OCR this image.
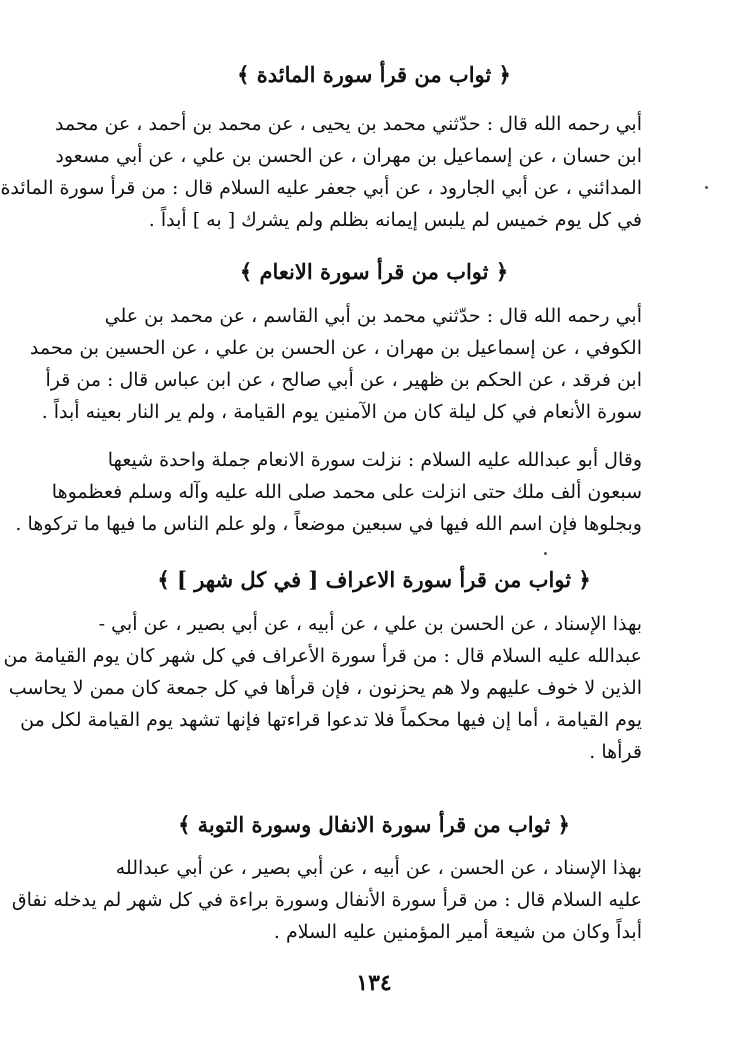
﴿ ثواب من قرأ سورة المائدة ﴾
أبي رحمه الله قال : حدّثني محمد بن يحيى ، عن محمد بن أحمد ، عن محمد
ابن حسان ، عن إسماعيل بن مهران ، عن الحسن بن علي ، عن أبي مسعود
المدائني ، عن أبي الجارود ، عن أبي جعفر عليه السلام قال : من قرأ سورة المائدة
في كل يوم خميس لم يلبس إيمانه بظلم ولم يشرك [ به ] أبداً .
﴿ ثواب من قرأ سورة الانعام ﴾
أبي رحمه الله قال : حدّثني محمد بن أبي القاسم ، عن محمد بن علي
الكوفي ، عن إسماعيل بن مهران ، عن الحسن بن علي ، عن الحسين بن محمد
ابن فرقد ، عن الحكم بن ظهير ، عن أبي صالح ، عن ابن عباس قال : من قرأ
سورة الأنعام في كل ليلة كان من الآمنين يوم القيامة ، ولم ير النار بعينه أبداً .
وقال أبو عبدالله عليه السلام : نزلت سورة الانعام جملة واحدة شيعها
سبعون ألف ملك حتى انزلت على محمد صلى الله عليه وآله وسلم فعظموها
وبجلوها فإن اسم الله فيها في سبعين موضعاً ، ولو علم الناس ما فيها ما تركوها .
﴿ ثواب من قرأ سورة الاعراف [ في كل شهر ] ﴾
بهذا الإسناد ، عن الحسن بن علي ، عن أبيه ، عن أبي بصير ، عن أبي -
عبدالله عليه السلام قال : من قرأ سورة الأعراف في كل شهر كان يوم القيامة من
الذين لا خوف عليهم ولا هم يحزنون ، فإن قرأها في كل جمعة كان ممن لا يحاسب
يوم القيامة ، أما إن فيها محكماً فلا تدعوا قراءتها فإنها تشهد يوم القيامة لكل من
قرأها .
﴿ ثواب من قرأ سورة الانفال وسورة التوبة ﴾
بهذا الإسناد ، عن الحسن ، عن أبيه ، عن أبي بصير ، عن أبي عبدالله
عليه السلام قال : من قرأ سورة الأنفال وسورة براءة في كل شهر لم يدخله نفاق
أبداً وكان من شيعة أمير المؤمنين عليه السلام .
١٣٤
